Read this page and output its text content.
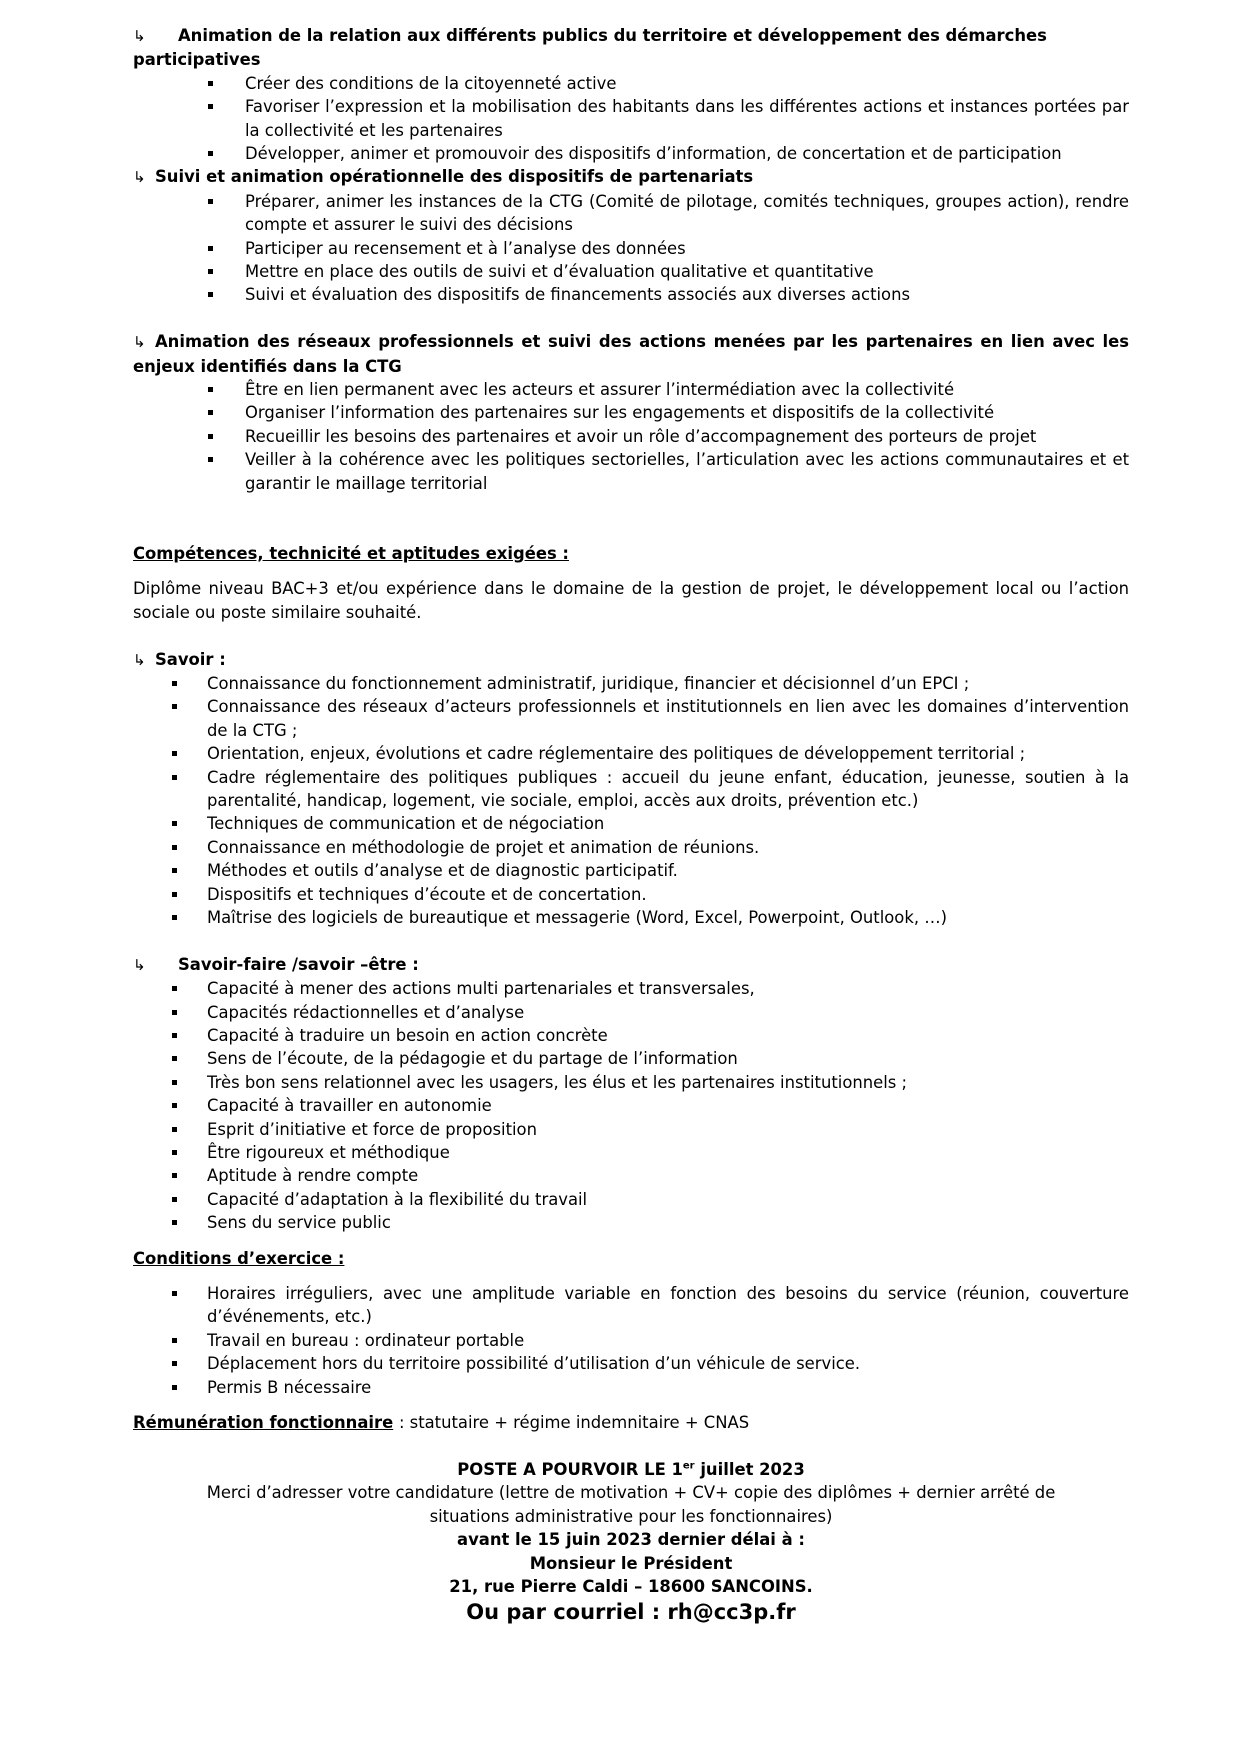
↳ Animation de la relation aux différents publics du territoire et développement des démarches participatives
Créer des conditions de la citoyenneté active
Favoriser l’expression et la mobilisation des habitants dans les différentes actions et instances portées par la collectivité et les partenaires
Développer, animer et promouvoir des dispositifs d’information, de concertation et de participation
↳ Suivi et animation opérationnelle des dispositifs de partenariats
Préparer, animer les instances de la CTG (Comité de pilotage, comités techniques, groupes action), rendre compte et assurer le suivi des décisions
Participer au recensement et à l’analyse des données
Mettre en place des outils de suivi et d’évaluation qualitative et quantitative
Suivi et évaluation des dispositifs de financements associés aux diverses actions
↳ Animation des réseaux professionnels et suivi des actions menées par les partenaires en lien avec les enjeux identifiés dans la CTG
Être en lien permanent avec les acteurs et assurer l’intermédiation avec la collectivité
Organiser l’information des partenaires sur les engagements et dispositifs de la collectivité
Recueillir les besoins des partenaires et avoir un rôle d’accompagnement des porteurs de projet
Veiller à la cohérence avec les politiques sectorielles, l’articulation avec les actions communautaires et et garantir le maillage territorial
Compétences, technicité et aptitudes exigées :

Diplôme niveau BAC+3 et/ou expérience dans le domaine de la gestion de projet, le développement local ou l’action sociale ou poste similaire souhaité.

↳ Savoir :
Connaissance du fonctionnement administratif, juridique, financier et décisionnel d’un EPCI ;
Connaissance des réseaux d’acteurs professionnels et institutionnels en lien avec les domaines d’intervention de la CTG ;
Orientation, enjeux, évolutions et cadre réglementaire des politiques de développement territorial ;
Cadre réglementaire des politiques publiques : accueil du jeune enfant, éducation, jeunesse, soutien à la parentalité, handicap, logement, vie sociale, emploi, accès aux droits, prévention etc.)
Techniques de communication et de négociation
Connaissance en méthodologie de projet et animation de réunions.
Méthodes et outils d’analyse et de diagnostic participatif.
Dispositifs et techniques d’écoute et de concertation.
Maîtrise des logiciels de bureautique et messagerie (Word, Excel, Powerpoint, Outlook, …)
↳ Savoir-faire /savoir –être :
Capacité à mener des actions multi partenariales et transversales,
Capacités rédactionnelles et d’analyse
Capacité à traduire un besoin en action concrète
Sens de l’écoute, de la pédagogie et du partage de l’information
Très bon sens relationnel avec les usagers, les élus et les partenaires institutionnels ;
Capacité à travailler en autonomie
Esprit d’initiative et force de proposition
Être rigoureux et méthodique
Aptitude à rendre compte
Capacité d’adaptation à la flexibilité du travail
Sens du service public
Conditions d’exercice :
Horaires irréguliers, avec une amplitude variable en fonction des besoins du service (réunion, couverture d’événements, etc.)
Travail en bureau : ordinateur portable
Déplacement hors du territoire possibilité d’utilisation d’un véhicule de service.
Permis B nécessaire
Rémunération fonctionnaire : statutaire + régime indemnitaire + CNAS
POSTE A POURVOIR LE 1er juillet 2023
Merci d’adresser votre candidature (lettre de motivation + CV+ copie des diplômes + dernier arrêté de
situations administrative pour les fonctionnaires)
avant le 15 juin 2023 dernier délai à :
Monsieur le Président
21, rue Pierre Caldi – 18600 SANCOINS.
Ou par courriel : rh@cc3p.fr
